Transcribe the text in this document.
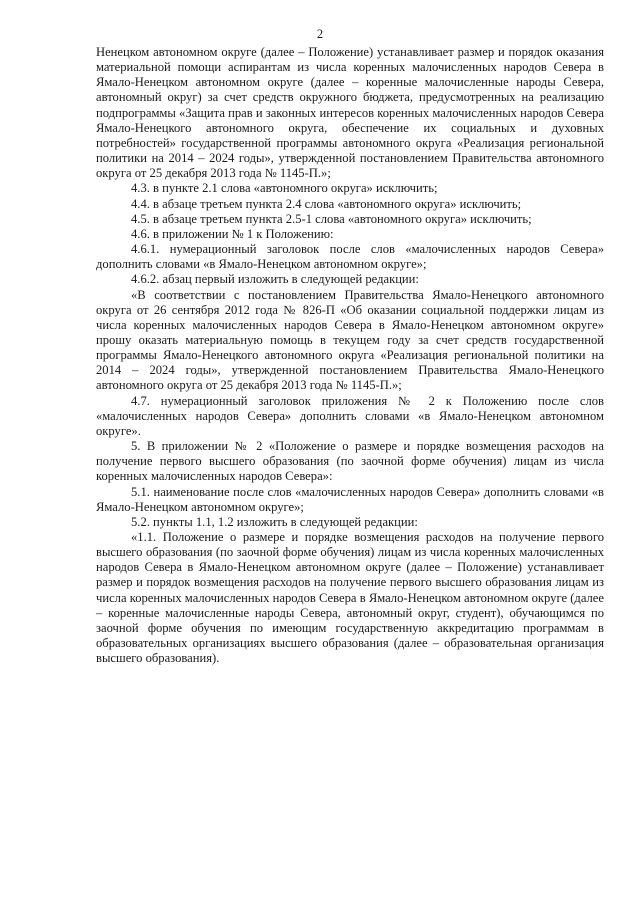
2

Ненецком автономном округе (далее – Положение) устанавливает размер и порядок оказания материальной помощи аспирантам из числа коренных малочисленных народов Севера в Ямало-Ненецком автономном округе (далее – коренные малочисленные народы Севера, автономный округ) за счет средств окружного бюджета, предусмотренных на реализацию подпрограммы «Защита прав и законных интересов коренных малочисленных народов Севера Ямало-Ненецкого автономного округа, обеспечение их социальных и духовных потребностей» государственной программы автономного округа «Реализация региональной политики на 2014 – 2024 годы», утвержденной постановлением Правительства автономного округа от 25 декабря 2013 года № 1145-П.»;

4.3. в пункте 2.1 слова «автономного округа» исключить;

4.4. в абзаце третьем пункта 2.4 слова «автономного округа» исключить;

4.5. в абзаце третьем пункта 2.5-1 слова «автономного округа» исключить;

4.6. в приложении № 1 к Положению:

4.6.1. нумерационный заголовок после слов «малочисленных народов Севера» дополнить словами «в Ямало-Ненецком автономном округе»;

4.6.2. абзац первый изложить в следующей редакции:

«В соответствии с постановлением Правительства Ямало-Ненецкого автономного округа от 26 сентября 2012 года № 826-П «Об оказании социальной поддержки лицам из числа коренных малочисленных народов Севера в Ямало-Ненецком автономном округе» прошу оказать материальную помощь в текущем году за счет средств государственной программы Ямало-Ненецкого автономного округа «Реализация региональной политики на 2014 – 2024 годы», утвержденной постановлением Правительства Ямало-Ненецкого автономного округа от 25 декабря 2013 года № 1145-П.»;

4.7. нумерационный заголовок приложения № 2 к Положению после слов «малочисленных народов Севера» дополнить словами «в Ямало-Ненецком автономном округе».

5. В приложении № 2 «Положение о размере и порядке возмещения расходов на получение первого высшего образования (по заочной форме обучения) лицам из числа коренных малочисленных народов Севера»:

5.1. наименование после слов «малочисленных народов Севера» дополнить словами «в Ямало-Ненецком автономном округе»;

5.2. пункты 1.1, 1.2 изложить в следующей редакции:

«1.1. Положение о размере и порядке возмещения расходов на получение первого высшего образования (по заочной форме обучения) лицам из числа коренных малочисленных народов Севера в Ямало-Ненецком автономном округе (далее – Положение) устанавливает размер и порядок возмещения расходов на получение первого высшего образования лицам из числа коренных малочисленных народов Севера в Ямало-Ненецком автономном округе (далее – коренные малочисленные народы Севера, автономный округ, студент), обучающимся по заочной форме обучения по имеющим государственную аккредитацию программам в образовательных организациях высшего образования (далее – образовательная организация высшего образования).
